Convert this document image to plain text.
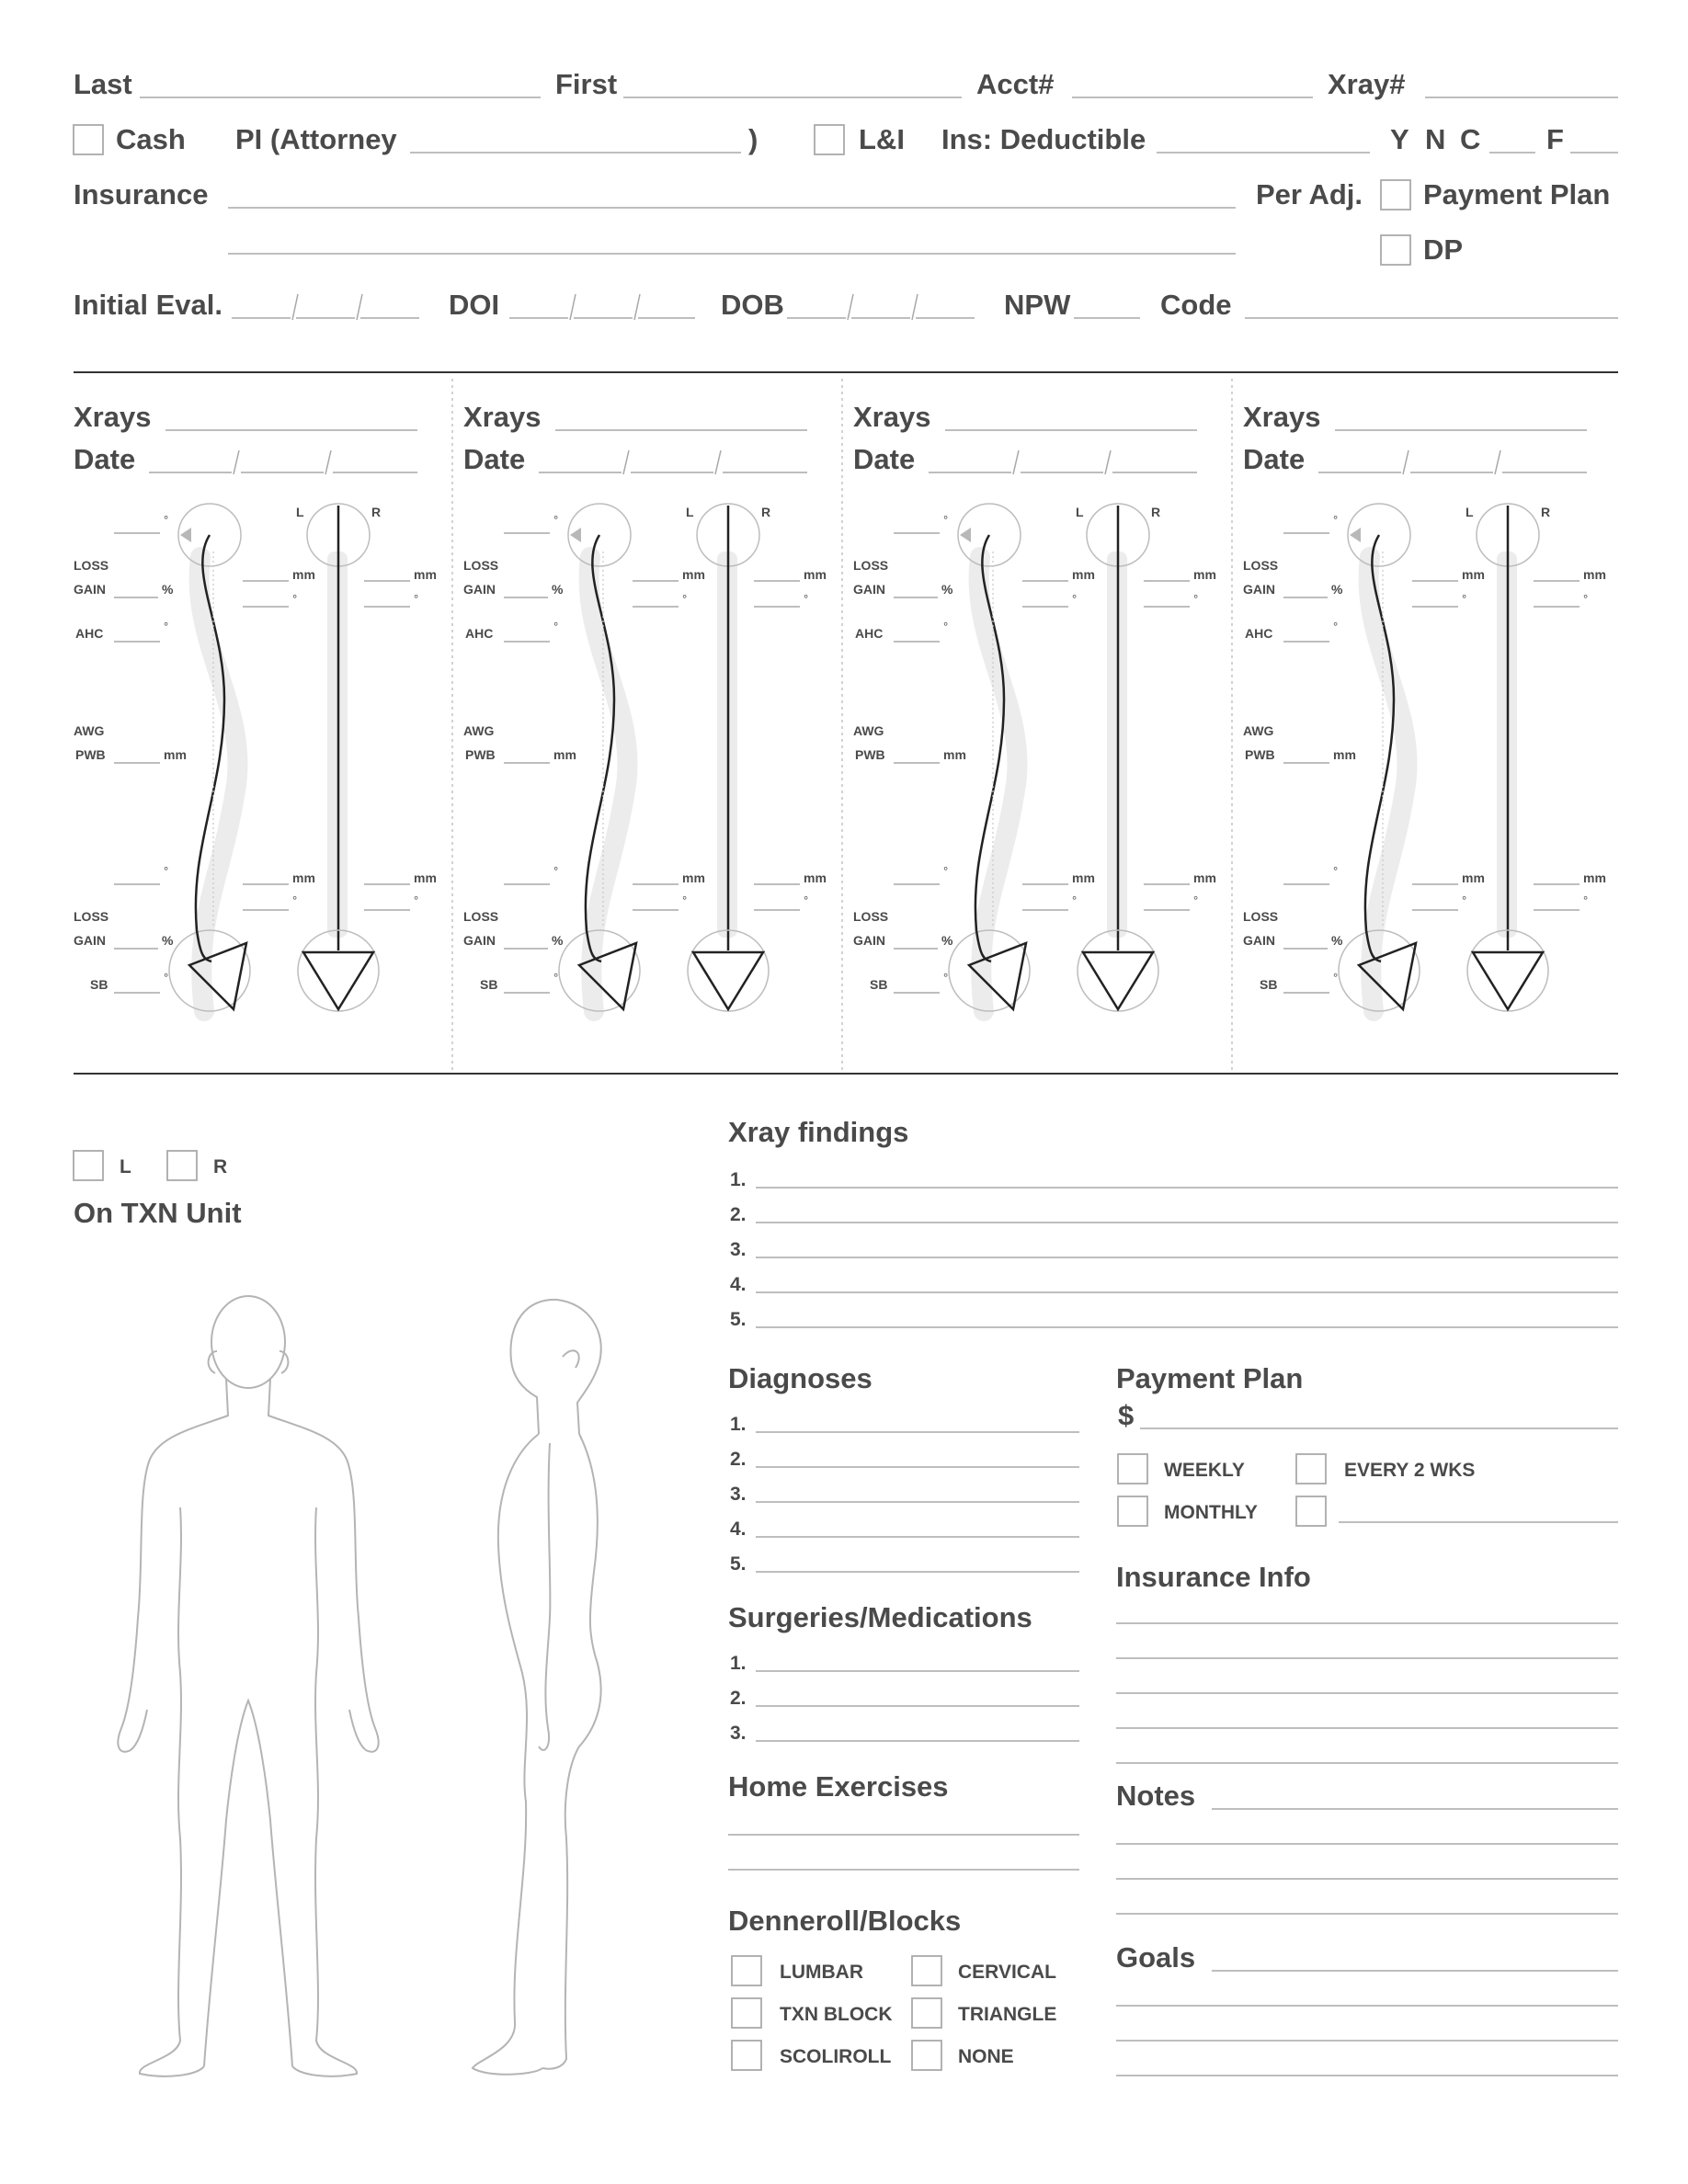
Last	First	Acct#	Xray#
Cash PI (Attorney	)	L&I Ins: Deductible	Y N C F
Insurance	Per Adj. Payment Plan
DP
Initial Eval.	DOI	DOB	NPW	Code
Xrays
Date
L	R
°
LOSS
GAIN	%
AHC	°
AWG
PWB	mm
mm
°
mm
°
°	mm
°
mm
°
LOSS
GAIN	%
SB	°
Xrays
Date
L	R
°
LOSS
GAIN	%
AHC	°
AWG
PWB	mm
mm
°
mm
°
°	mm
°
mm
°
LOSS
GAIN	%
SB	°
Xrays
Date
L	R
°
LOSS
GAIN	%
AHC	°
AWG
PWB	mm
mm
°
mm
°
°	mm
°
mm
°
LOSS
GAIN	%
SB	°
Xrays
Date
L	R
°
LOSS
GAIN	%
AHC	°
AWG
PWB	mm
mm
°
mm
°
°	mm
°
mm
°
LOSS
GAIN	%
SB	°
L	R
On TXN Unit
Xray findings
1.
2.
3.
4.
5.
Diagnoses
1.
2.
3.
4.
5.
Surgeries/Medications
1.
2.
3.
Home Exercises
Denneroll/Blocks
LUMBAR	CERVICAL
TXN BLOCK	TRIANGLE
SCOLIROLL	NONE
Payment Plan
$
WEEKLY	EVERY 2 WKS
MONTHLY
Insurance Info
Notes
Goals
